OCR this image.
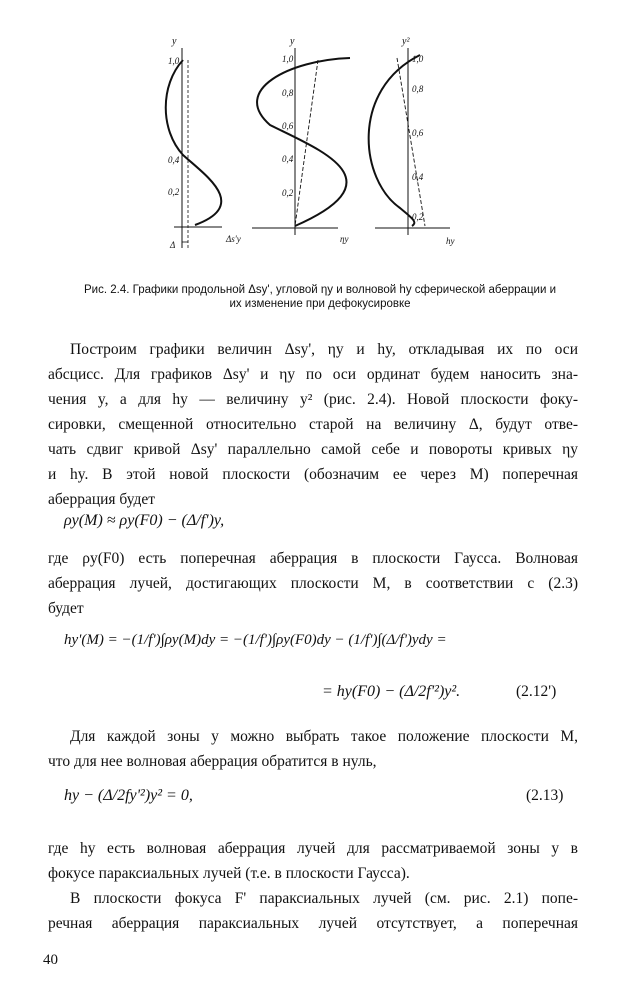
y
1,0
0,4
0,2
Δ
Δs'y
y
1,0
0,8
0,6
0,4
0,2
ηy
y²
1,0
0,8
0,6
0,4
0,2
hy
Рис. 2.4. Графики продольной Δsy', угловой ηy и волновой hy сферической аберрации и
их изменение при дефокусировке
Построим графики величин Δsy', ηy и hy, откладывая их по оси
абсцисс. Для графиков Δsy' и ηy по оси ординат будем наносить зна-
чения y, а для hy — величину y² (рис. 2.4). Новой плоскости фоку-
сировки, смещенной относительно старой на величину Δ, будут отве-
чать сдвиг кривой Δsy' параллельно самой себе и повороты кривых ηy
и hy. В этой новой плоскости (обозначим ее через M) поперечная
аберрация будет
ρy(M) ≈ ρy(F0) − (Δ/f')y,
где ρy(F0) есть поперечная аберрация в плоскости Гаусса. Волновая
аберрация лучей, достигающих плоскости M, в соответствии с (2.3)
будет
hy'(M) = −(1/f')∫ρy(M)dy = −(1/f')∫ρy(F0)dy − (1/f')∫(Δ/f')ydy =
= hy(F0) − (Δ/2f'²)y².	(2.12')
Для каждой зоны y можно выбрать такое положение плоскости M,
что для нее волновая аберрация обратится в нуль,
hy − (Δ/2fy'²)y² = 0,	(2.13)
где hy есть волновая аберрация лучей для рассматриваемой зоны y в
фокусе параксиальных лучей (т.е. в плоскости Гаусса).
В плоскости фокуса F' параксиальных лучей (см. рис. 2.1) попе-
речная аберрация параксиальных лучей отсутствует, а поперечная
40
